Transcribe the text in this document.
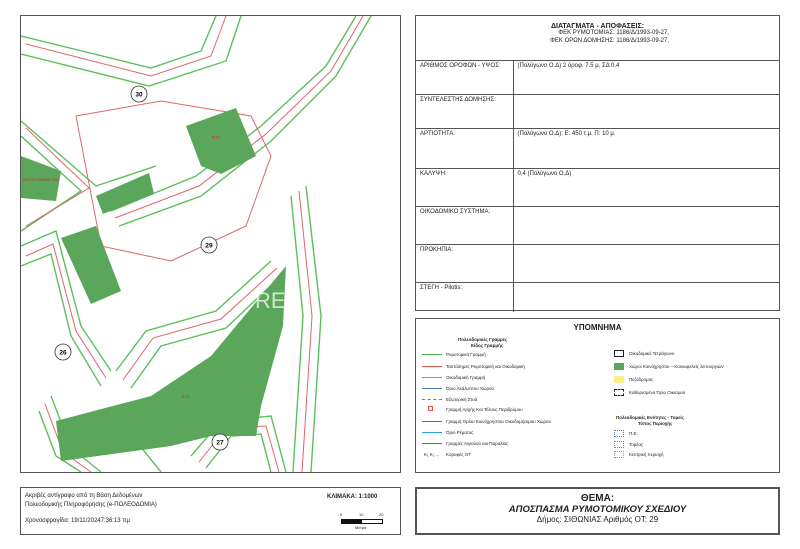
30
29
26
27
Π.Χ.
ΧΩΡΟΣ ΣΤΑΘΜΕΥΣΗΣ
Κ.Χ.
RE
ΔΙΑΤΑΓΜΑΤΑ - ΑΠΟΦΑΣΕΙΣ:
ΦΕΚ ΡΥΜΟΤΟΜΙΑΣ: 1186/Δ/1993-09-27,
ΦΕΚ ΟΡΩΝ ΔΟΜΗΣΗΣ: 1186/Δ/1993-09-27,
ΑΡΙΘΜΟΣ ΟΡΟΦΩΝ - ΥΨΟΣ:	(Πολύγωνο Ο.Δ) 2 όροφ. 7.5 μ. ΣΔ 0.4
ΣΥΝΤΕΛΕΣΤΗΣ ΔΟΜΗΣΗΣ:	
ΑΡΤΙΟΤΗΤΑ:	(Πολύγωνο Ο.Δ): Ε: 450 τ.μ. Π: 10 μ.
ΚΑΛΥΨΗ:	0,4 (Πολύγωνο Ο.Δ)
ΟΙΚΟΔΟΜΙΚΟ ΣΥΣΤΗΜΑ:	
ΠΡΟΚΗΠΙΑ:	
ΣΤΕΓΗ - Pilotis:	
ΥΠΟΜΝΗΜΑ
Πολεοδομικές Γραμμές
Είδος Γραμμής
Ρυμοτομική Γραμμή
Ταυτόσημες Ρυμοτομική και Οικοδομική
Οικοδομική Γραμμή
Όριο Ακάλυπτου Χώρου
Εξωτερική Στοά
Γραμμή Αρχής Και Τέλους Περιδρόμου
Γραμμή Ορίου Κοινόχρηστου Οικοδομήσιμου Χώρου
Όριο Ρέματος
Γραμμές Αιγιαλού και Παραλίας
Κ₁ Κ₂ ... Κορυφές ΟΤ
Οικοδομικό Τετράγωνο
Χώροι Κοινόχρηστοι – Κοινωφελείς λειτουργιών
Πεζόδρομος
Καθορισμένο Όριο Οικισμού
Πολεοδομικές Ενότητες - Τομείς
Τύπος Περιοχής
Π.Ε.
Τομέας
Κεντρική περιοχή
Ακριβές αντίγραφο από τη Βάση Δεδομένων
Πολεοδομικής Πληροφόρησης (e-ΠΟΛΕΟΔΟΜΙΑ)
Χρονοσφραγίδα: 19/11/20247:36:13 πμ
ΚΛΙΜΑΚΑ: 1:1000
0	10	20
Μέτρα
ΘΕΜΑ:
ΑΠΟΣΠΑΣΜΑ ΡΥΜΟΤΟΜΙΚΟΥ ΣΧΕΔΙΟΥ
Δήμος: ΣΙΘΩΝΙΑΣ Αριθμός ΟΤ: 29
